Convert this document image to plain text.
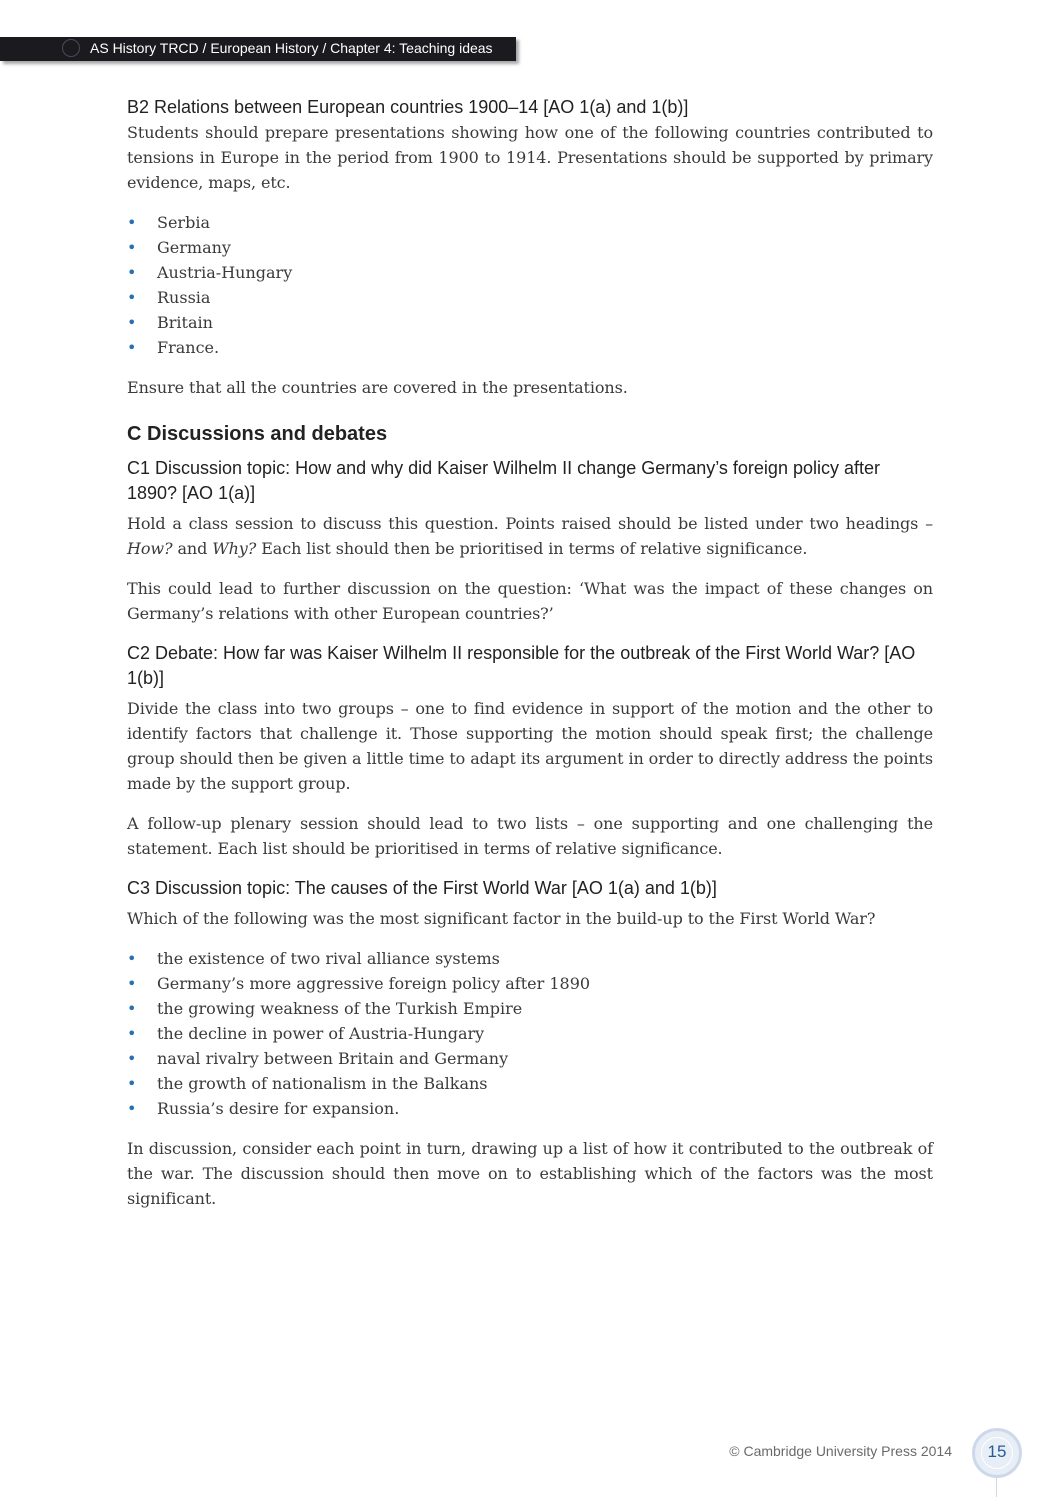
AS History TRCD / European History / Chapter 4: Teaching ideas
B2 Relations between European countries 1900–14 [AO 1(a) and 1(b)]

Students should prepare presentations showing how one of the following countries contributed to tensions in Europe in the period from 1900 to 1914. Presentations should be supported by primary evidence, maps, etc.

• Serbia
• Germany
• Austria-Hungary
• Russia
• Britain
• France.

Ensure that all the countries are covered in the presentations.

C Discussions and debates
C1 Discussion topic: How and why did Kaiser Wilhelm II change Germany’s foreign policy after 1890? [AO 1(a)]

Hold a class session to discuss this question. Points raised should be listed under two headings – How? and Why? Each list should then be prioritised in terms of relative significance.

This could lead to further discussion on the question: ‘What was the impact of these changes on Germany’s relations with other European countries?’

C2 Debate: How far was Kaiser Wilhelm II responsible for the outbreak of the First World War? [AO 1(b)]

Divide the class into two groups – one to find evidence in support of the motion and the other to identify factors that challenge it. Those supporting the motion should speak first; the challenge group should then be given a little time to adapt its argument in order to directly address the points made by the support group.

A follow-up plenary session should lead to two lists – one supporting and one challenging the statement. Each list should be prioritised in terms of relative significance.

C3 Discussion topic: The causes of the First World War [AO 1(a) and 1(b)]

Which of the following was the most significant factor in the build-up to the First World War?

• the existence of two rival alliance systems
• Germany’s more aggressive foreign policy after 1890
• the growing weakness of the Turkish Empire
• the decline in power of Austria-Hungary
• naval rivalry between Britain and Germany
• the growth of nationalism in the Balkans
• Russia’s desire for expansion.

In discussion, consider each point in turn, drawing up a list of how it contributed to the outbreak of the war. The discussion should then move on to establishing which of the factors was the most significant.

© Cambridge University Press 2014	15
